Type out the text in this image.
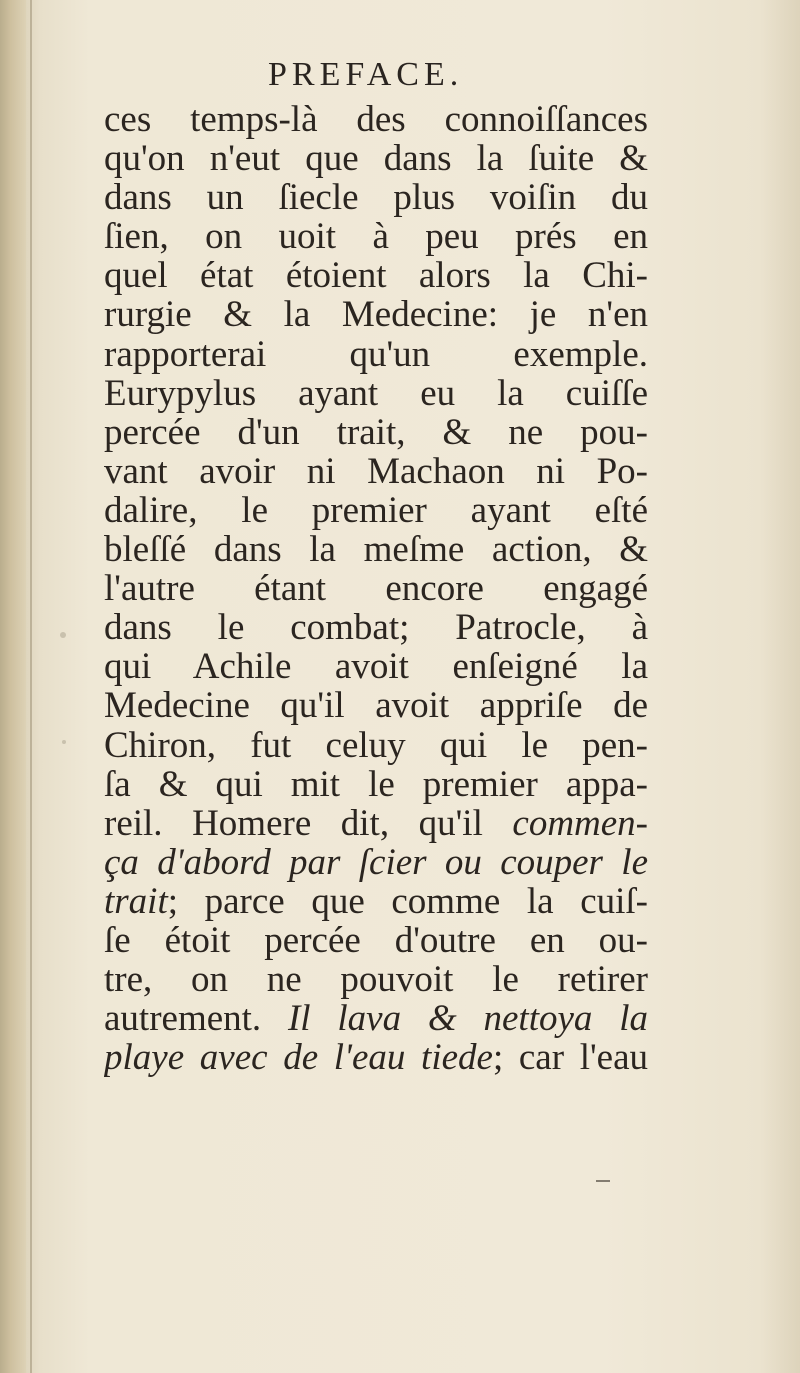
PREFACE.
ces temps-là des connoiſſances
qu'on n'eut que dans la ſuite &
dans un ſiecle plus voiſin du
ſien, on uoit à peu prés en
quel état étoient alors la Chi-
rurgie & la Medecine: je n'en
rapporterai qu'un exemple.
Eurypylus ayant eu la cuiſſe
percée d'un trait, & ne pou-
vant avoir ni Machaon ni Po-
dalire, le premier ayant eſté
bleſſé dans la meſme action, &
l'autre étant encore engagé
dans le combat; Patrocle, à
qui Achile avoit enſeigné la
Medecine qu'il avoit appriſe de
Chiron, fut celuy qui le pen-
ſa & qui mit le premier appa-
reil. Homere dit, qu'il commen-
ça d'abord par ſcier ou couper le
trait; parce que comme la cuiſ-
ſe étoit percée d'outre en ou-
tre, on ne pouvoit le retirer
autrement. Il lava & nettoya la
playe avec de l'eau tiede; car l'eau
